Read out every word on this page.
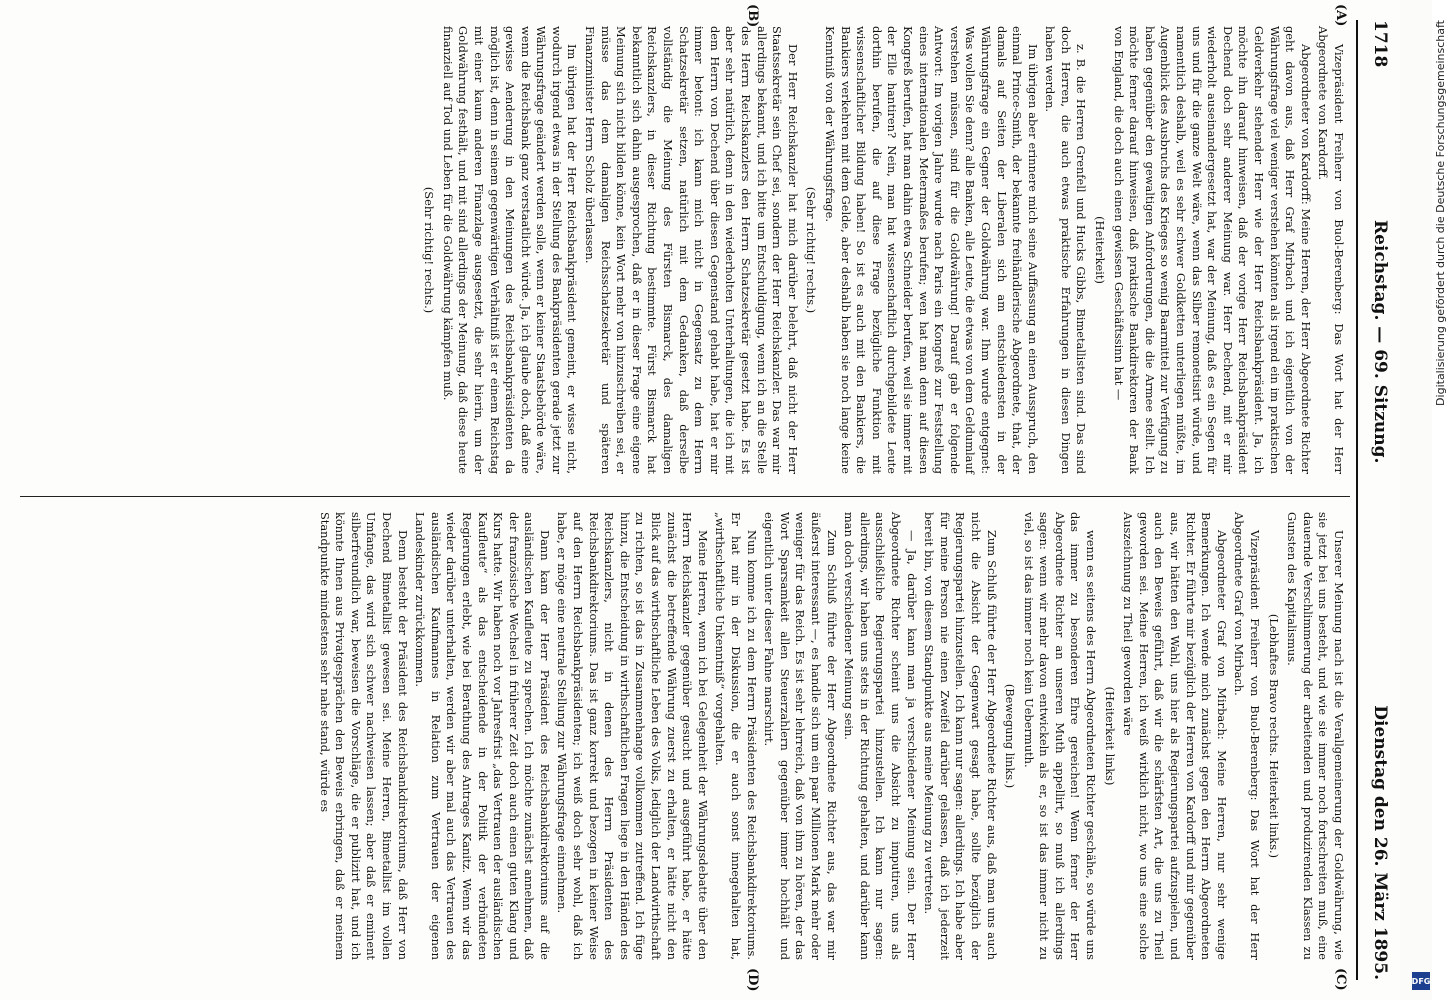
1718
Reichstag. — 69. Sitzung.
Dienstag den 26. März 1895.
(A)
(B)
(C)
(D)

Vizepräsident Freiherr von Buol-Berenberg: Das Wort hat der Herr Abgeordnete von Kardorff.

Abgeordneter von Kardorff: Meine Herren, der Herr Abgeordnete Richter geht davon aus, daß Herr Graf Mirbach und ich eigentlich von der Währungsfrage viel weniger verstehen könnten als irgend ein im praktischen Geldverkehr stehender Herr wie der Herr Reichsbankpräsident. Ja, ich möchte ihn darauf hinweisen, daß der vorige Herr Reichsbankpräsident Dechend doch sehr anderer Meinung war. Herr Dechend, mit er mir wiederholt auseinandergesetzt hat, war der Meinung, daß es ein Segen für uns und für die ganze Welt wäre, wenn das Silber remonetisirt würde, und namentlich deshalb, weil es sehr schwer Goldketten unterliegen müßte, im Augenblick des Ausbruchs des Krieges so wenig Baarmittel zur Verfügung zu haben gegenüber den gewaltigen Anforderungen, die die Armee stellt. Ich möchte ferner darauf hinweisen, daß praktische Bankdirektoren der Bank von England, die doch auch einen gewissen Geschäftssinn hat —

(Heiterkeit)

z. B. die Herren Grenfell und Hucks Gibbs, Bimetallisten sind. Das sind doch Herren, die auch etwas praktische Erfahrungen in diesen Dingen haben werden.

Im übrigen aber erinnere mich seine Auffassung an einen Ausspruch, den einmal Prince-Smith, der bekannte freihändlerische Abgeordnete, that, der damals auf Seiten der Liberalen sich am entschiedensten in der Währungsfrage ein Gegner der Goldwährung war. Ihm wurde entgegnet: Was wollen Sie denn? alle Banken, alle Leute, die etwas von dem Geldumlauf verstehen müssen, sind für die Goldwährung! Darauf gab er folgende Antwort: Im vorigen Jahre wurde nach Paris ein Kongreß zur Feststellung eines internationalen Metermaßes berufen; wen hat man denn auf diesen Kongreß berufen, hat man dahin etwa Schneider berufen, weil sie immer mit der Elle hantiren? Nein, man hat wissenschaftlich durchgebildete Leute dorthin berufen, die auf diese Frage bezügliche Funktion mit wissenschaftlicher Bildung haben! So ist es auch mit den Bankiers, die Bankiers verkehren mit dem Gelde, aber deshalb haben sie noch lange keine Kenntniß von der Währungsfrage.

(Sehr richtig! rechts.)

Der Herr Reichskanzler hat mich darüber belehrt, daß nicht der Herr Staatssekretär sein Chef sei, sondern der Herr Reichskanzler. Das war mir allerdings bekannt, und ich bitte um Entschuldigung, wenn ich an die Stelle des Herrn Reichskanzlers den Herrn Schatzsekretär gesetzt habe. Es ist aber sehr natürlich, denn in den wiederholten Unterhaltungen, die ich mit dem Herrn von Dechend über diesen Gegenstand gehabt habe, hat er mir immer betont: ich kann mich nicht in Gegensatz zu dem Herrn Schatzsekretär setzen, natürlich mit dem Gedanken, daß derselbe vollständig die Meinung des Fürsten Bismarck, des damaligen Reichskanzlers, in dieser Richtung bestimmte. Fürst Bismarck hat bekanntlich sich dahin ausgesprochen, daß er in dieser Frage eine eigene Meinung sich nicht bilden könne, kein Wort mehr von hinzuschreiben sei, er müsse das dem damaligen Reichsschatzsekretär und späteren Finanzminister Herrn Scholz überlassen.

Im übrigen hat der Herr Reichsbankpräsident gemeint, er wisse nicht, wodurch irgend etwas in der Stellung des Bankpräsidenten gerade jetzt zur Währungsfrage geändert werden solle, wenn er keiner Staatsbehörde wäre, wenn die Reichsbank ganz verstaatlicht würde. Ja, ich glaube doch, daß eine gewisse Aenderung in den Meinungen des Reichsbankpräsidenten da möglich ist, denn in seinem gegenwärtigen Verhältniß ist er einem Reichstag mit einer kaum anderen Finanzlage ausgesetzt, die sehr hierin, um der Goldwährung festhält, und mit sind allerdings der Meinung, daß diese heute finanziell auf Tod und Leben für die Goldwährung kämpfen muß.

(Sehr richtig! rechts.)

Unserer Meinung nach ist die Verallgemeinerung der Goldwährung, wie sie jetzt bei uns besteht, und wie sie immer noch fortschreiten muß, eine dauernde Verschlimmerung der arbeitenden und produzirenden Klassen zu Gunsten des Kapitalismus.

(Lebhaftes Bravo rechts. Heiterkeit links.)

Vizepräsident Freiherr von Buol-Berenberg: Das Wort hat der Herr Abgeordnete Graf von Mirbach.

Abgeordneter Graf von Mirbach: Meine Herren, nur sehr wenige Bemerkungen. Ich wende mich zunächst gegen den Herrn Abgeordneten Richter. Er führte mir bezüglich der Herren von Kardorff und mir gegenüber aus, wir hätten den Wahl, uns hier als Regierungspartei aufzuspielen, und auch den Beweis geführt, daß wir die schärfsten Art, die uns zu Theil geworden sei. Meine Herren, ich weiß wirklich nicht, wo uns eine solche Auszeichnung zu Theil geworden wäre

(Heiterkeit links)

wenn es seitens des Herrn Abgeordneten Richter geschähe, so würde uns das immer zu besonderen Ehre gereichen! Wenn ferner der Herr Abgeordnete Richter an unseren Muth appellirt, so muß ich allerdings sagen: wenn wir mehr davon entwickeln als er, so ist das immer nicht zu viel, so ist das immer noch kein Uebermuth.

(Bewegung links.)

Zum Schluß führte der Herr Abgeordnete Richter aus, daß man uns auch nicht die Absicht der Gegenwart gesagt habe, sollte bezüglich der Regierungspartei hinzustellen. Ich kann nur sagen: allerdings. Ich habe aber für meine Person nie einen Zweifel darüber gelassen, daß ich jederzeit bereit bin, von diesem Standpunkte aus meine Meinung zu vertreten.

— Ja, darüber kann man ja verschiedener Meinung sein. Der Herr Abgeordnete Richter scheint uns die Absicht zu imputiren, uns als ausschließliche Regierungspartei hinzustellen. Ich kann nur sagen: allerdings, wir haben uns stets in der Richtung gehalten, und darüber kann man doch verschiedener Meinung sein.

Zum Schluß führte der Herr Abgeordnete Richter aus, das war mir äußerst interessant —, es handle sich um ein paar Millionen Mark mehr oder weniger für das Reich. Es ist sehr lehrreich, daß von ihm zu hören, der das Wort Sparsamkeit allen Steuerzahlern gegenüber immer hochhält und eigentlich unter dieser Fahne marschirt.

Nun komme ich zu dem Herrn Präsidenten des Reichsbankdirektoriums. Er hat mir in der Diskussion, die er auch sonst innegehalten hat, „wirthschaftliche Unkenntniß“ vorgehalten.

Meine Herren, wenn ich bei Gelegenheit der Währungsdebatte über den Herrn Reichskanzler gegenüber gesucht und ausgeführt habe, er hätte zunächst die betreffende Währung zuerst zu erhalten, er hätte nicht den Blick auf das wirthschaftliche Leben des Volks, lediglich der Landwirthschaft zu richten, so ist das in Zusammenhange vollkommen zutreffend. Ich füge hinzu, die Entscheidung in wirthschaftlichen Fragen liege in den Händen des Reichskanzlers, nicht in denen des Herrn Präsidenten des Reichsbankdirektoriums. Das ist ganz korrekt und bezogen in keiner Weise auf den Herrn Reichsbankpräsidenten; ich weiß doch sehr wohl, daß ich habe, er möge eine neutrale Stellung zur Währungsfrage einnehmen.

Dann kam der Herr Präsident des Reichsbankdirektoriums auf die ausländischen Kaufleute zu sprechen. Ich möchte zunächst annehmen, daß der französische Wechsel in früherer Zeit doch auch einen guten Klang und Kurs hatte. Wir haben noch vor Jahresfrist „das Vertrauen der ausländischen Kaufleute“ als das entscheidende in der Politik der verbündeten Regierungen erlebt, wie bei Berathung des Antrages Kanitz. Wenn wir das wieder darüber unterhalten, werden wir aber mal auch das Vertrauen des ausländischen Kaufmannes in Relation zum Vertrauen der eigenen Landeskinder zurückkommen.

Denn besteht der Präsident des Reichsbankdirektoriums, daß Herr von Dechend Bimetallist gewesen sei. Meine Herren, Bimetallist im vollen Umfange, das wird sich schwer nachweisen lassen; aber daß er eminent silberfreundlich war, beweisen die Vorschläge, die er publizirt hat, und ich könnte Ihnen aus Privatgesprächen den Beweis erbringen, daß er meinem Standpunkte mindestens sehr nahe stand, würde es

Digitalisierung gefördert durch die Deutsche Forschungsgemeinschaft
DFG
